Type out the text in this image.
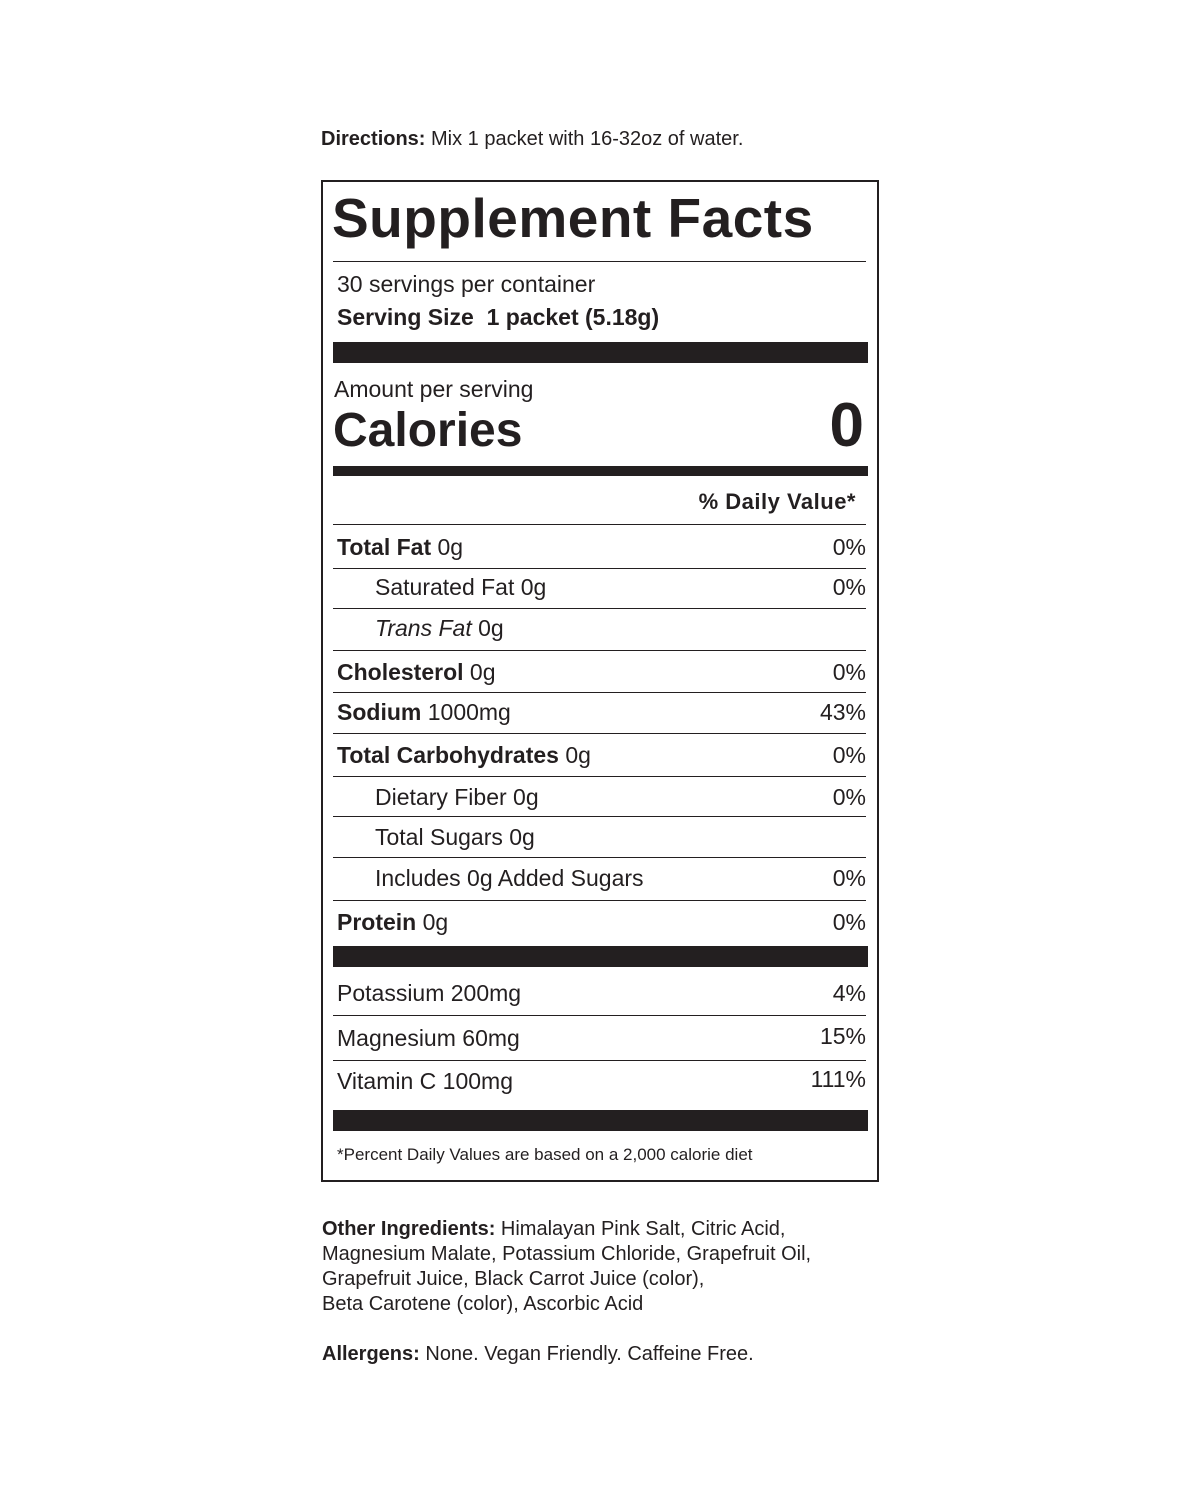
Directions: Mix 1 packet with 16-32oz of water.
Supplement Facts
30 servings per container
Serving Size 1 packet (5.18g)
Amount per serving
Calories	0
% Daily Value*
Total Fat 0g	0%
Saturated Fat 0g	0%
Trans Fat 0g
Cholesterol 0g	0%
Sodium 1000mg	43%
Total Carbohydrates 0g	0%
Dietary Fiber 0g	0%
Total Sugars 0g
Includes 0g Added Sugars	0%
Protein 0g	0%
Potassium 200mg	4%
Magnesium 60mg	15%
Vitamin C 100mg	111%
*Percent Daily Values are based on a 2,000 calorie diet
Other Ingredients: Himalayan Pink Salt, Citric Acid,
Magnesium Malate, Potassium Chloride, Grapefruit Oil,
Grapefruit Juice, Black Carrot Juice (color),
Beta Carotene (color), Ascorbic Acid
Allergens: None. Vegan Friendly. Caffeine Free.
